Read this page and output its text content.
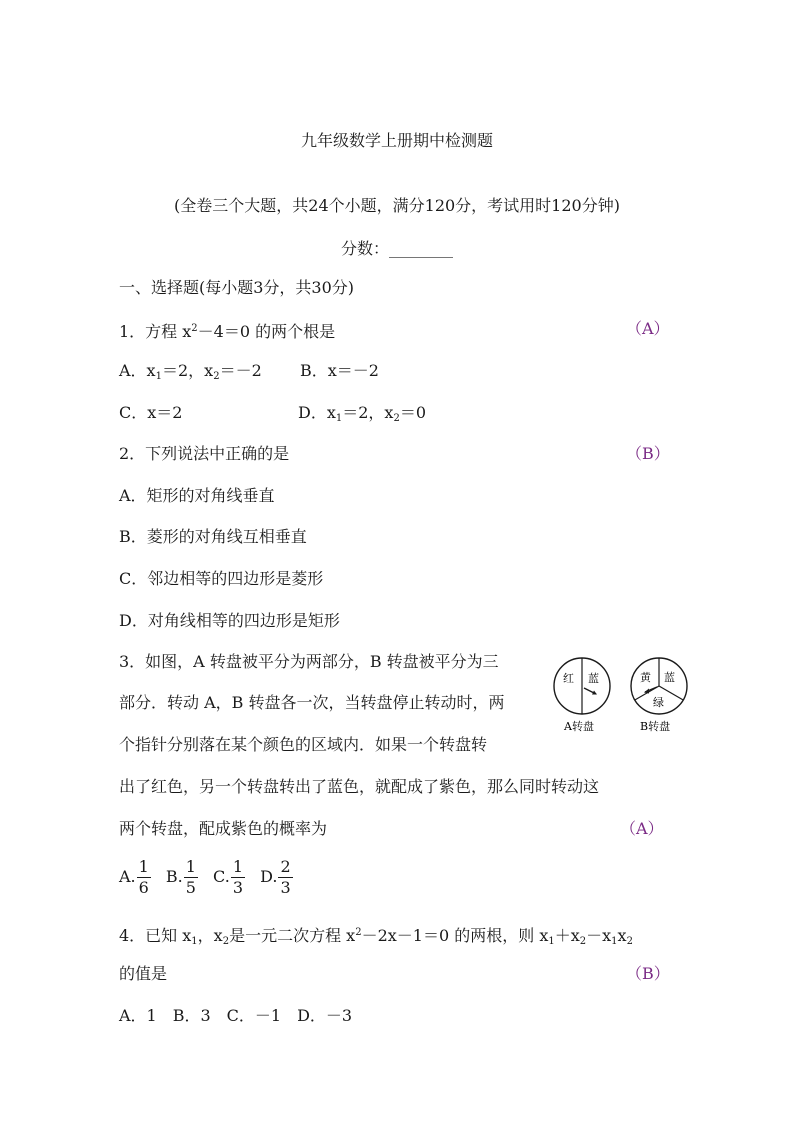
九年级数学上册期中检测题
(全卷三个大题，共24个小题，满分120分，考试用时120分钟)
分数：________
一、选择题(每小题3分，共30分)
1．方程 $x^2-4=0$ 的两个根是	（A）
A．$x_1=2$，$x_2=-2$ B．x＝－2
C．x＝2	D．$x_1=2$，$x_2=0$
2．下列说法中正确的是	（B）
A．矩形的对角线垂直
B．菱形的对角线互相垂直
C．邻边相等的四边形是菱形
D．对角线相等的四边形是矩形
3．如图，A 转盘被平分为两部分，B 转盘被平分为三
部分．转动 A，B 转盘各一次，当转盘停止转动时，两
个指针分别落在某个颜色的区域内．如果一个转盘转
出了红色，另一个转盘转出了蓝色，就配成了紫色，那么同时转动这
两个转盘，配成紫色的概率为	（A）
红 蓝
A转盘
黄 蓝
绿
B转盘
A. $\frac{1}{6} B$. $\frac{1}{5} C$. $\frac{1}{3} D$. $\frac{2}{3}$
4．已知 $x_1$，$x_2$是一元二次方程 $x^2-2x-1=0$ 的两根，则 $x_1+x_2-x_1x_2$
的值是	（B）
A．1　B．3　C．－1　D．－3
